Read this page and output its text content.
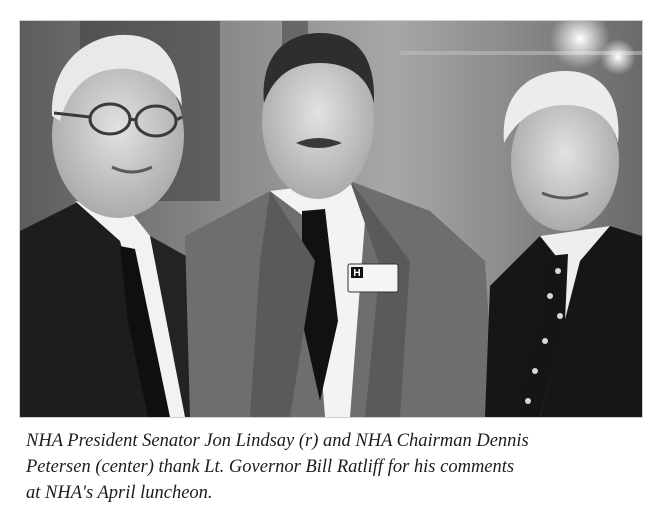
H
NHA President Senator Jon Lindsay (r) and NHA Chairman Dennis
Petersen (center) thank Lt. Governor Bill Ratliff for his comments
at NHA's April luncheon.
